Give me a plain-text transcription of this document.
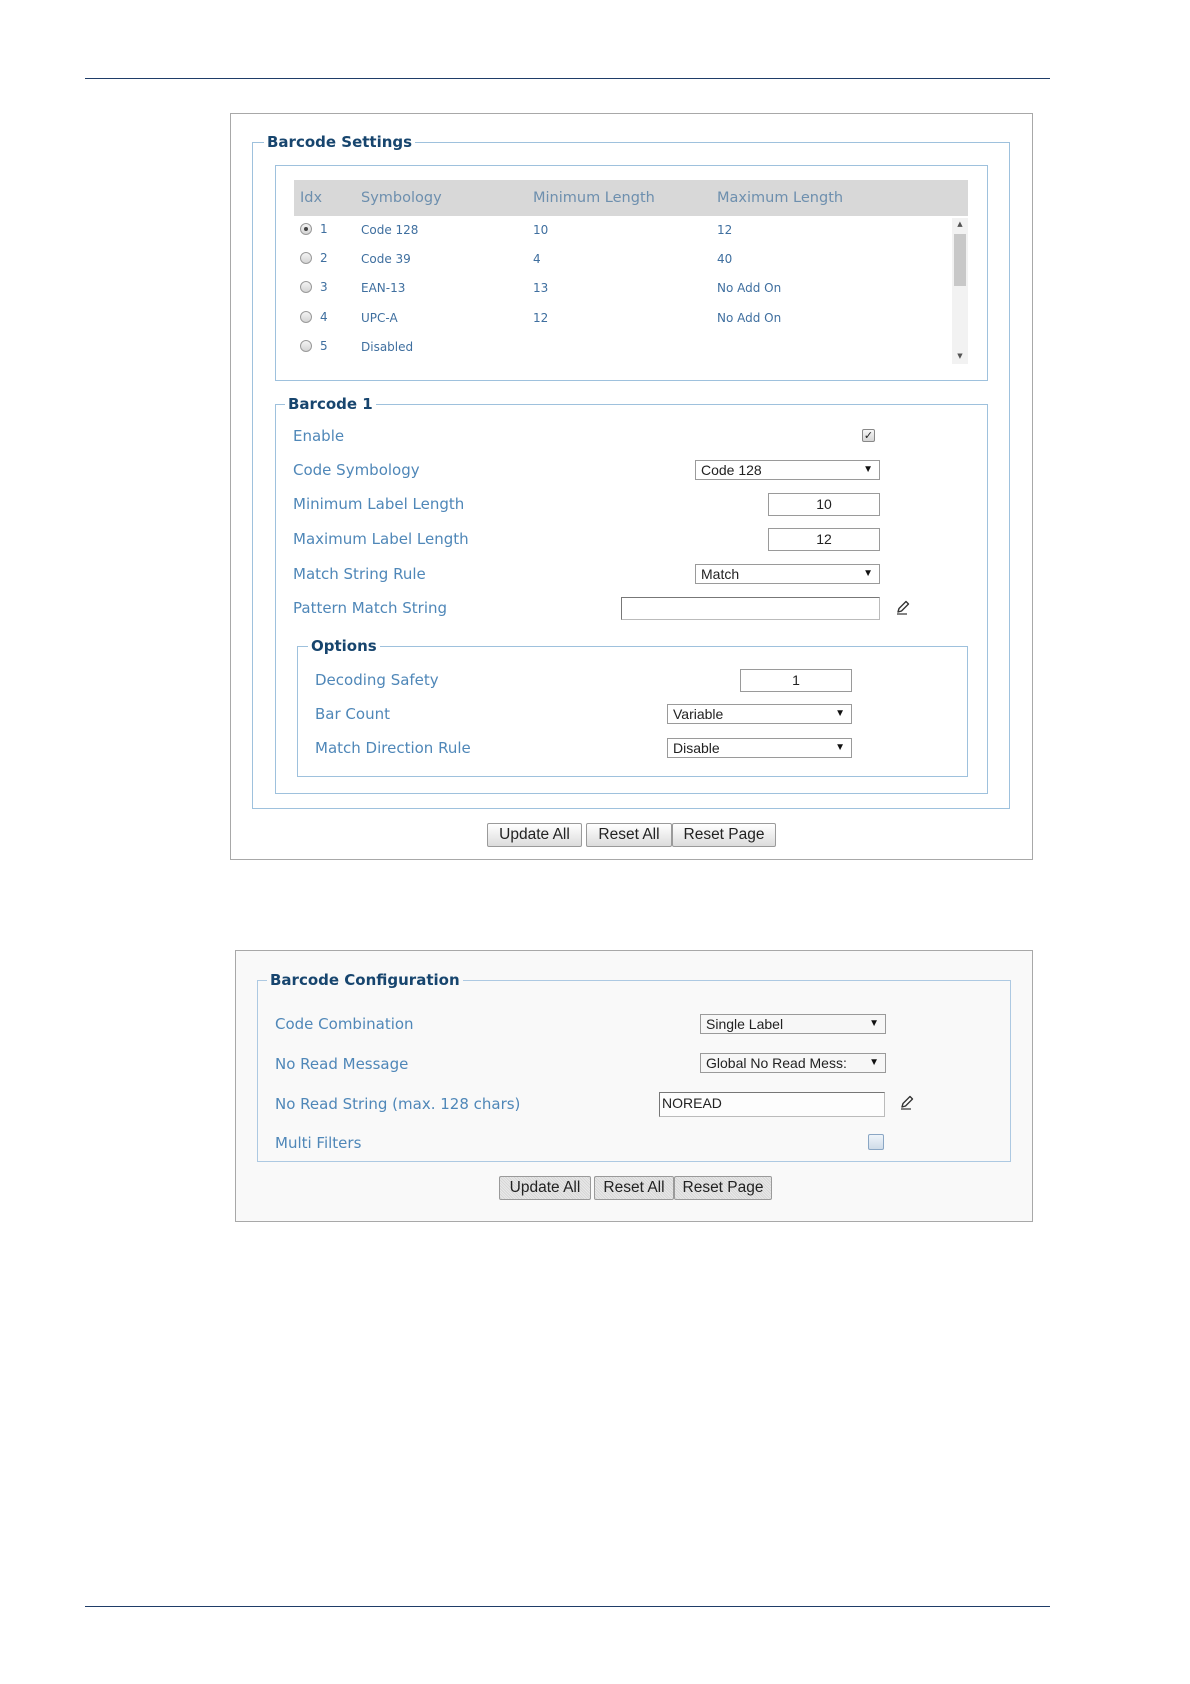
Barcode Settings
Idx	Symbology	Minimum Length	Maximum Length
1	Code 128	10	12
2	Code 39	4	40
3	EAN-13	13	No Add On
4	UPC-A	12	No Add On
5	Disabled
▲
▼
Barcode 1
Enable	✓
Code Symbology	Code 128	▼
Minimum Label Length	10
Maximum Label Length	12
Match String Rule	Match	▼
Pattern Match String
Options
Decoding Safety	1
Bar Count	Variable	▼
Match Direction Rule	Disable	▼
Update All	Reset All	Reset Page
Barcode Configuration
Code Combination	Single Label	▼
No Read Message	Global No Read Mess: ▼
No Read String (max. 128 chars)	NOREAD
Multi Filters
Update All	Reset All	Reset Page
